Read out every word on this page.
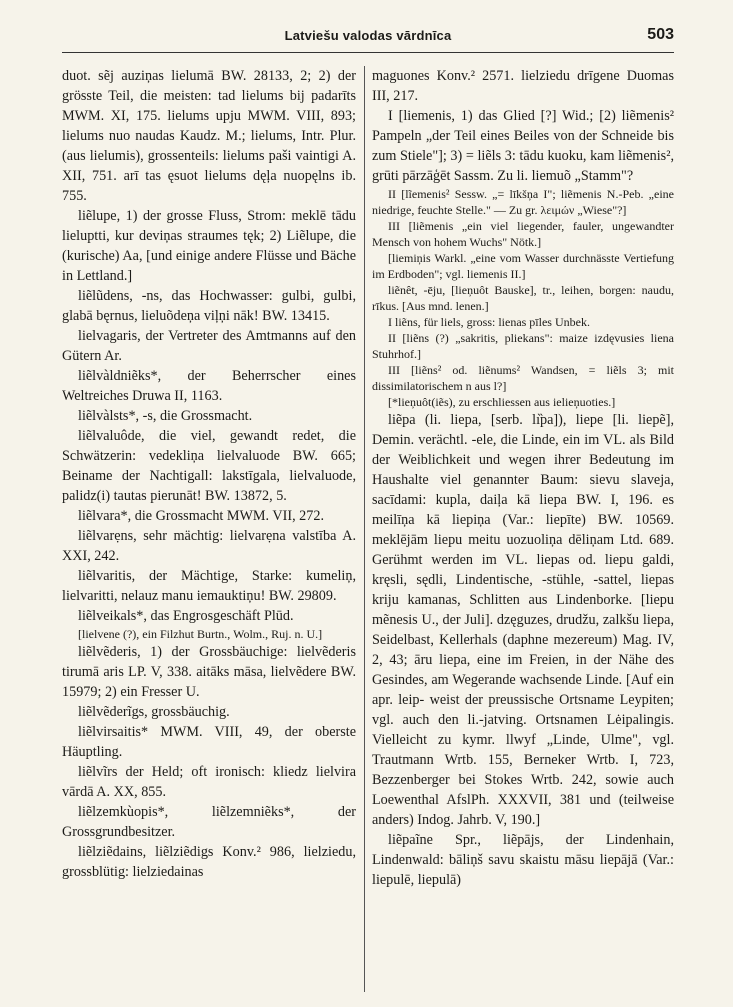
Latviešu valodas vārdnīca	503

duot. sẽj auziņas lielumā BW. 28133, 2; 2) der grösste Teil, die meisten: tad lielums bij padarīts MWM. XI, 175. lielums upju MWM. VIII, 893; lielums nuo naudas Kaudz. M.; lielums, Intr. Plur. (aus lielumis), grossenteils: lielums paši vaintigi A. XII, 751. arī tas ęsuot lielums dęļa nuopęlns ib. 755.

liẽlupe, 1) der grosse Fluss, Strom: meklē tādu lieluptti, kur deviņas straumes tęk; 2) Liẽlupe, die (kurische) Aa, [und einige andere Flüsse und Bäche in Lettland.]

liẽlũdens, -ns, das Hochwasser: gulbi, gulbi, glabā bęrnus, lieluõdeņa viļņi nāk! BW. 13415.

lielvagaris, der Vertreter des Amtmanns auf den Gütern Ar.

liẽlvàldniẽks*, der Beherrscher eines Weltreiches Druwa II, 1163.

liẽlvàlsts*, -s, die Grossmacht.

liẽlvaluôde, die viel, gewandt redet, die Schwätzerin: vedekliņa lielvaluode BW. 665; Beiname der Nachtigall: lakstīgala, lielvaluode, palidz(i) tautas pierunāt! BW. 13872, 5.

liẽlvara*, die Grossmacht MWM. VII, 272.

liẽlvarẹns, sehr mächtig: lielvarẹna valstība A. XXI, 242.

liẽlvaritis, der Mächtige, Starke: kumeliņ, lielvaritti, nelauz manu iemauktiņu! BW. 29809.

liẽlveikals*, das Engrosgeschäft Plūd.

[lielvene (?), ein Filzhut Burtn., Wolm., Ruj. n. U.]

liẽlvẽderis, 1) der Grossbäuchige: lielvẽderis tirumā aris LP. V, 338. aitāks māsa, lielvẽdere BW. 15979; 2) ein Fresser U.

liẽlvẽderĩgs, grossbäuchig.

liẽlvirsaitis* MWM. VIII, 49, der oberste Häuptling.

liẽlvĩrs der Held; oft ironisch: kliedz lielvira vārdā A. XX, 855.

liẽlzemkùopis*, liẽlzemniẽks*, der Grossgrundbesitzer.

liẽlziẽdains, liẽlziẽdigs Konv.² 986, lielziedu, grossblütig: lielziedainas

maguones Konv.² 2571. lielziedu drīgene Duomas III, 217.

I [liemenis, 1) das Glied [?] Wid.; [2) liẽmenis² Pampeln „der Teil eines Beiles von der Schneide bis zum Stiele"]; 3) = liẽls 3: tādu kuoku, kam liẽmenis², grūti pārzāģēt Sassm. Zu li. liemuõ „Stamm"?

II [lĩemenis² Sessw. „= līkšņa I"; liẽmenis N.-Peb. „eine niedrige, feuchte Stelle." — Zu gr. λειμών „Wiese"?]

III [liẽmenis „ein viel liegender, fauler, ungewandter Mensch von hohem Wuchs" Nötk.]

[liemiņis Warkl. „eine vom Wasser durchnässte Vertiefung im Erdboden"; vgl. liemenis II.]

liẽnêt, -ēju, [lieņuôt Bauske], tr., leihen, borgen: naudu, rīkus. [Aus mnd. lenen.]

I liẽns, für liels, gross: lienas pīles Unbek.

II [liẽns (?) „sakritis, pliekans": maize izdęvusies liena Stuhrhof.]

III [liẽns² od. liẽnums² Wandsen, = liẽls 3; mit dissimilatorischem n aus l?]

[*lieņuôt(iẽs), zu erschliessen aus ielieņuoties.]

liẽpa (li. liepa, [serb. lı̏pa]), liepe [li. liepẽ], Demin. verächtl. -ele, die Linde, ein im VL. als Bild der Weiblichkeit und wegen ihrer Bedeutung im Haushalte viel genannter Baum: sievu slaveja, sacīdami: kupla, daiļa kā liepa BW. I, 196. es meilīņa kā liepiņa (Var.: liepīte) BW. 10569. meklējām liepu meitu uozuoliņa dēliņam Ltd. 689. Gerühmt werden im VL. liepas od. liepu galdi, kręsli, sędli, Lindentische, -stühle, -sattel, liepas kriju kamanas, Schlitten aus Lindenborke. [liepu mẽnesis U., der Juli]. dzęguzes, drudžu, zalkšu liepa, Seidelbast, Kellerhals (daphne mezereum) Mag. IV, 2, 43; āru liepa, eine im Freien, in der Nähe des Gesindes, am Wegerande wachsende Linde. [Auf ein apr. leip- weist der preussische Ortsname Leypiten; vgl. auch den li.-jatving. Ortsnamen Lėipalingis. Vielleicht zu kymr. llwyf „Linde, Ulme", vgl. Trautmann Wrtb. 155, Berneker Wrtb. I, 723, Bezzenberger bei Stokes Wrtb. 242, sowie auch Loewenthal AfslPh. XXXVII, 381 und (teilweise anders) Indog. Jahrb. V, 190.]

liẽpaĩne Spr., liẽpājs, der Lindenhain, Lindenwald: bāliņš savu skaistu māsu liepājā (Var.: liepulē, liepulā)
